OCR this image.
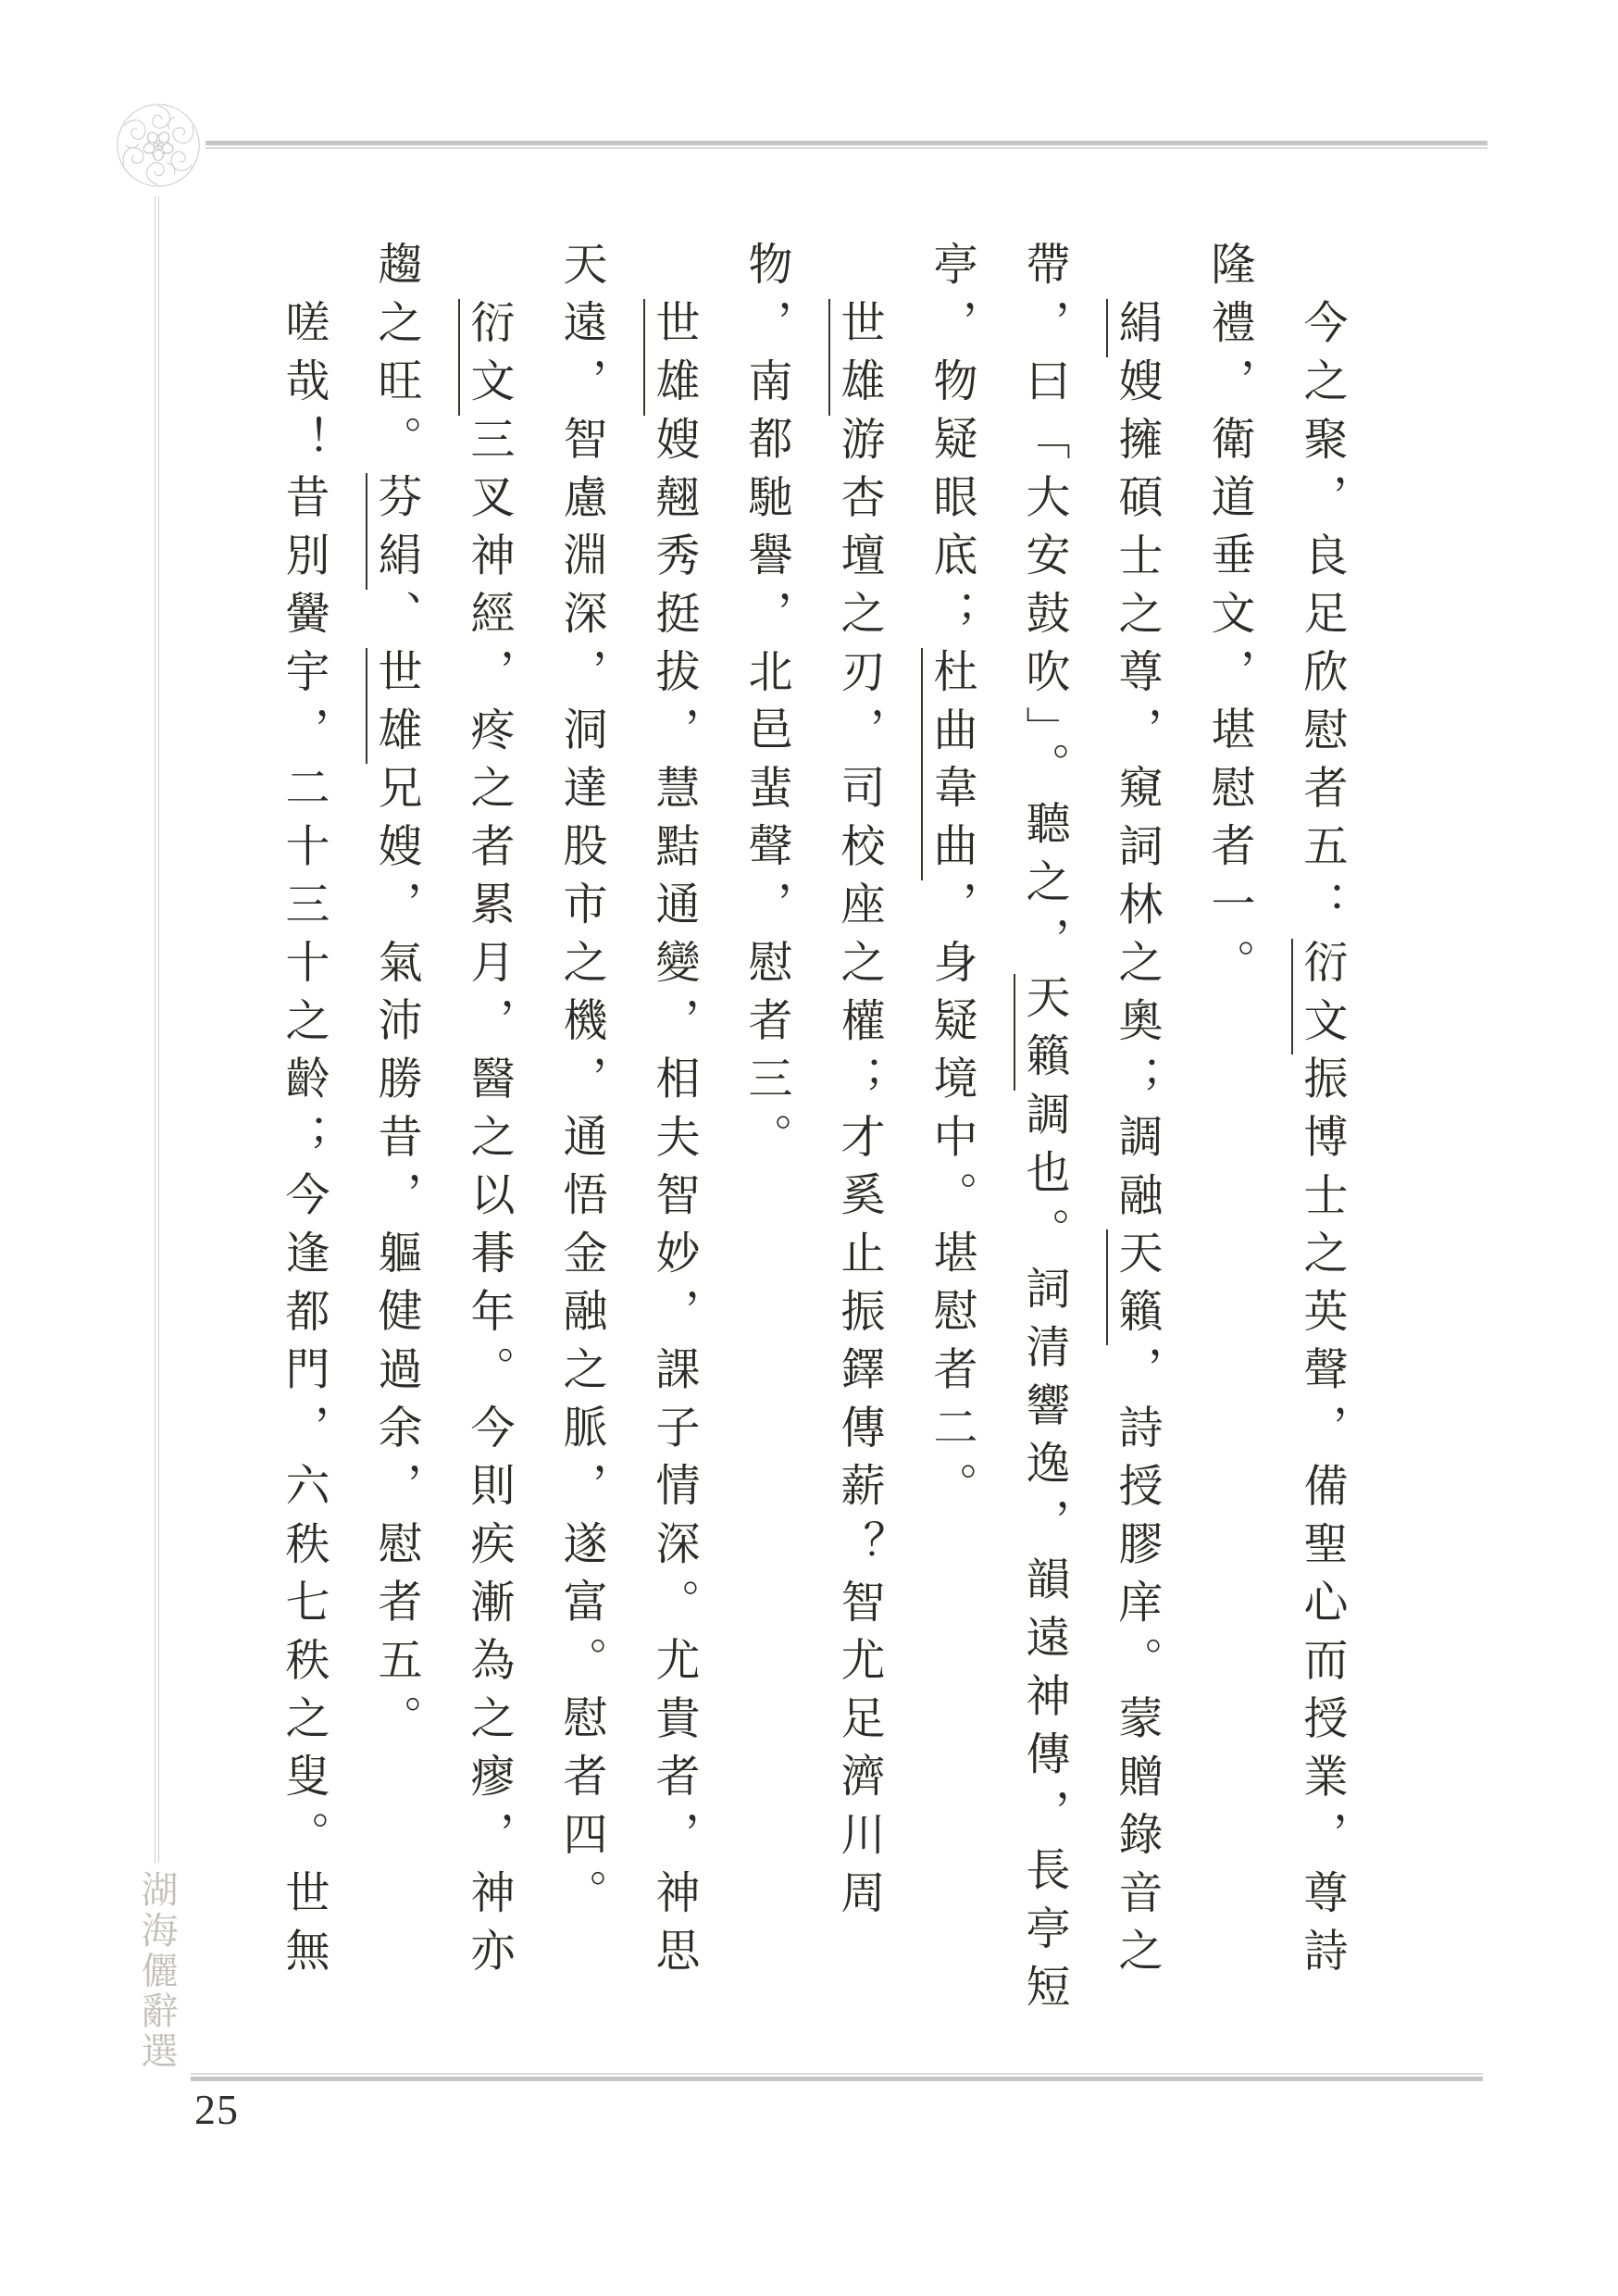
今之聚，良足欣慰者五：衍文振博士之英聲，備聖心而授業，尊詩
隆禮，衛道垂文，堪慰者一。
絹嫂擁碩士之尊，窺詞林之奧；調融天籟，詩授膠庠。蒙贈錄音之
帶，曰「大安鼓吹」。聽之，天籟調也。詞清響逸，韻遠神傳，長亭短
亭，物疑眼底；杜曲韋曲，身疑境中。堪慰者二。
世雄游杏壇之刃，司校座之權；才奚止振鐸傳薪？智尤足濟川周
物，南都馳譽，北邑蜚聲，慰者三。
世雄嫂翹秀挺拔，慧黠通變，相夫智妙，課子情深。尤貴者，神思
天遠，智慮淵深，洞達股市之機，通悟金融之脈，遂富。慰者四。
衍文三叉神經，疼之者累月，醫之以朞年。今則疾漸為之瘳，神亦
趨之旺。芬絹、世雄兄嫂，氣沛勝昔，軀健過余，慰者五。
嗟哉！昔別黌宇，二十三十之齡；今逢都門，六秩七秩之叟。世無
湖海儷辭選
25
